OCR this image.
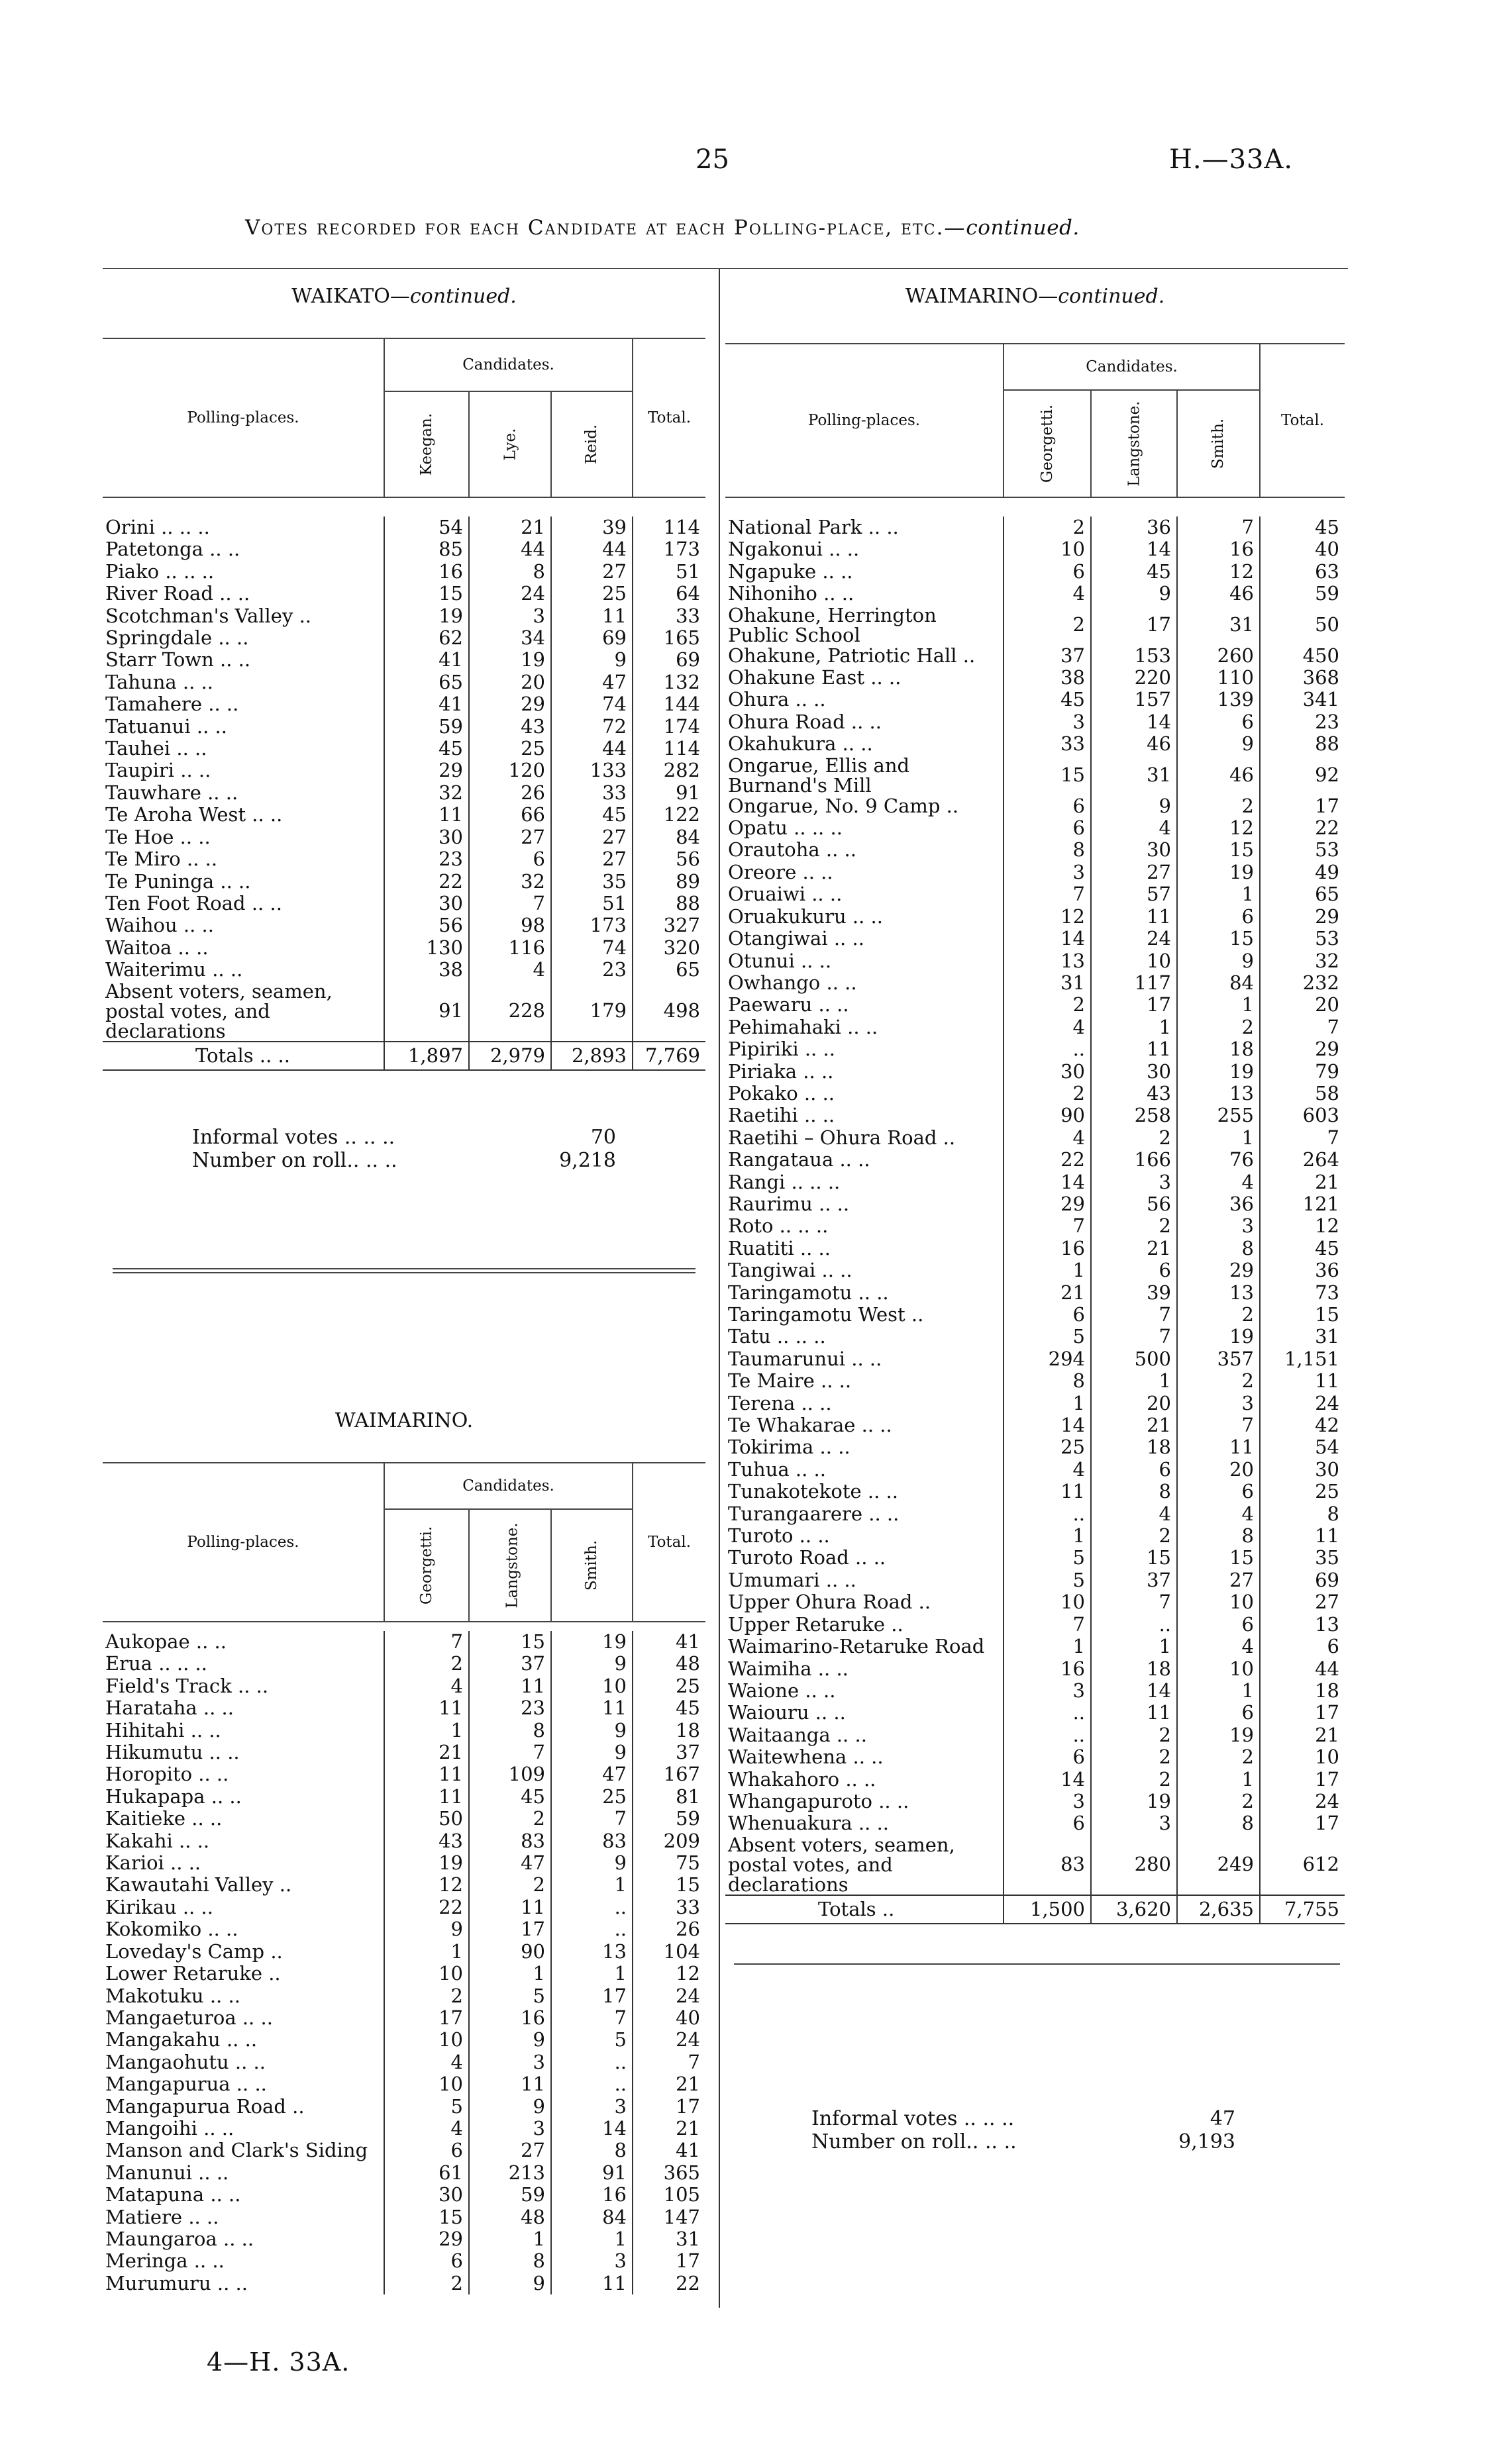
25	H.—33A.
Votes recorded for each Candidate at each Polling-place, etc.—continued.
WAIKATO—continued.
Polling-places.	Candidates.			Total.
	Keegan.	Lye.	Reid.	
Orini .. .. ..	54	21	39	114
Patetonga .. ..	85	44	44	173
Piako .. .. ..	16	8	27	51
River Road .. ..	15	24	25	64
Scotchman's Valley ..	19	3	11	33
Springdale .. ..	62	34	69	165
Starr Town .. ..	41	19	9	69
Tahuna .. ..	65	20	47	132
Tamahere .. ..	41	29	74	144
Tatuanui .. ..	59	43	72	174
Tauhei .. ..	45	25	44	114
Taupiri .. ..	29	120	133	282
Tauwhare .. ..	32	26	33	91
Te Aroha West .. ..	11	66	45	122
Te Hoe .. ..	30	27	27	84
Te Miro .. ..	23	6	27	56
Te Puninga .. ..	22	32	35	89
Ten Foot Road .. ..	30	7	51	88
Waihou .. ..	56	98	173	327
Waitoa .. ..	130	116	74	320
Waiterimu .. ..	38	4	23	65
Absent voters, seamen, postal votes, and declarations	91	228	179	498
Totals .. ..	1,897	2,979	2,893	7,769
Informal votes .. .. ..	70
Number on roll.. .. ..	9,218
WAIMARINO.
Polling-places.	Candidates.			Total.
	Georgetti.	Langstone.	Smith.	
Aukopae .. ..	7	15	19	41
Erua .. .. ..	2	37	9	48
Field's Track .. ..	4	11	10	25
Harataha .. ..	11	23	11	45
Hihitahi .. ..	1	8	9	18
Hikumutu .. ..	21	7	9	37
Horopito .. ..	11	109	47	167
Hukapapa .. ..	11	45	25	81
Kaitieke .. ..	50	2	7	59
Kakahi .. ..	43	83	83	209
Karioi .. ..	19	47	9	75
Kawautahi Valley ..	12	2	1	15
Kirikau .. ..	22	11	..	33
Kokomiko .. ..	9	17	..	26
Loveday's Camp ..	1	90	13	104
Lower Retaruke ..	10	1	1	12
Makotuku .. ..	2	5	17	24
Mangaeturoa .. ..	17	16	7	40
Mangakahu .. ..	10	9	5	24
Mangaohutu .. ..	4	3	..	7
Mangapurua .. ..	10	11	..	21
Mangapurua Road ..	5	9	3	17
Mangoihi .. ..	4	3	14	21
Manson and Clark's Siding	6	27	8	41
Manunui .. ..	61	213	91	365
Matapuna .. ..	30	59	16	105
Matiere .. ..	15	48	84	147
Maungaroa .. ..	29	1	1	31
Meringa .. ..	6	8	3	17
Murumuru .. ..	2	9	11	22
4—H. 33A.
WAIMARINO—continued.
Polling-places.	Candidates.			Total.
	Georgetti.	Langstone.	Smith.	
National Park .. ..	2	36	7	45
Ngakonui .. ..	10	14	16	40
Ngapuke .. ..	6	45	12	63
Nihoniho .. ..	4	9	46	59
Ohakune, Herrington Public School	2	17	31	50
Ohakune, Patriotic Hall ..	37	153	260	450
Ohakune East .. ..	38	220	110	368
Ohura .. ..	45	157	139	341
Ohura Road .. ..	3	14	6	23
Okahukura .. ..	33	46	9	88
Ongarue, Ellis and Burnand's Mill	15	31	46	92
Ongarue, No. 9 Camp ..	6	9	2	17
Opatu .. .. ..	6	4	12	22
Orautoha .. ..	8	30	15	53
Oreore .. ..	3	27	19	49
Oruaiwi .. ..	7	57	1	65
Oruakukuru .. ..	12	11	6	29
Otangiwai .. ..	14	24	15	53
Otunui .. ..	13	10	9	32
Owhango .. ..	31	117	84	232
Paewaru .. ..	2	17	1	20
Pehimahaki .. ..	4	1	2	7
Pipiriki .. ..	..	11	18	29
Piriaka .. ..	30	30	19	79
Pokako .. ..	2	43	13	58
Raetihi .. ..	90	258	255	603
Raetihi – Ohura Road ..	4	2	1	7
Rangataua .. ..	22	166	76	264
Rangi .. .. ..	14	3	4	21
Raurimu .. ..	29	56	36	121
Roto .. .. ..	7	2	3	12
Ruatiti .. ..	16	21	8	45
Tangiwai .. ..	1	6	29	36
Taringamotu .. ..	21	39	13	73
Taringamotu West ..	6	7	2	15
Tatu .. .. ..	5	7	19	31
Taumarunui .. ..	294	500	357	1,151
Te Maire .. ..	8	1	2	11
Terena .. ..	1	20	3	24
Te Whakarae .. ..	14	21	7	42
Tokirima .. ..	25	18	11	54
Tuhua .. ..	4	6	20	30
Tunakotekote .. ..	11	8	6	25
Turangaarere .. ..	..	4	4	8
Turoto .. ..	1	2	8	11
Turoto Road .. ..	5	15	15	35
Umumari .. ..	5	37	27	69
Upper Ohura Road ..	10	7	10	27
Upper Retaruke ..	7	..	6	13
Waimarino-Retaruke Road	1	1	4	6
Waimiha .. ..	16	18	10	44
Waione .. ..	3	14	1	18
Waiouru .. ..	..	11	6	17
Waitaanga .. ..	..	2	19	21
Waitewhena .. ..	6	2	2	10
Whakahoro .. ..	14	2	1	17
Whangapuroto .. ..	3	19	2	24
Whenuakura .. ..	6	3	8	17
Absent voters, seamen, postal votes, and declarations	83	280	249	612
Totals ..	1,500	3,620	2,635	7,755
Informal votes .. .. ..	47
Number on roll.. .. ..	9,193
